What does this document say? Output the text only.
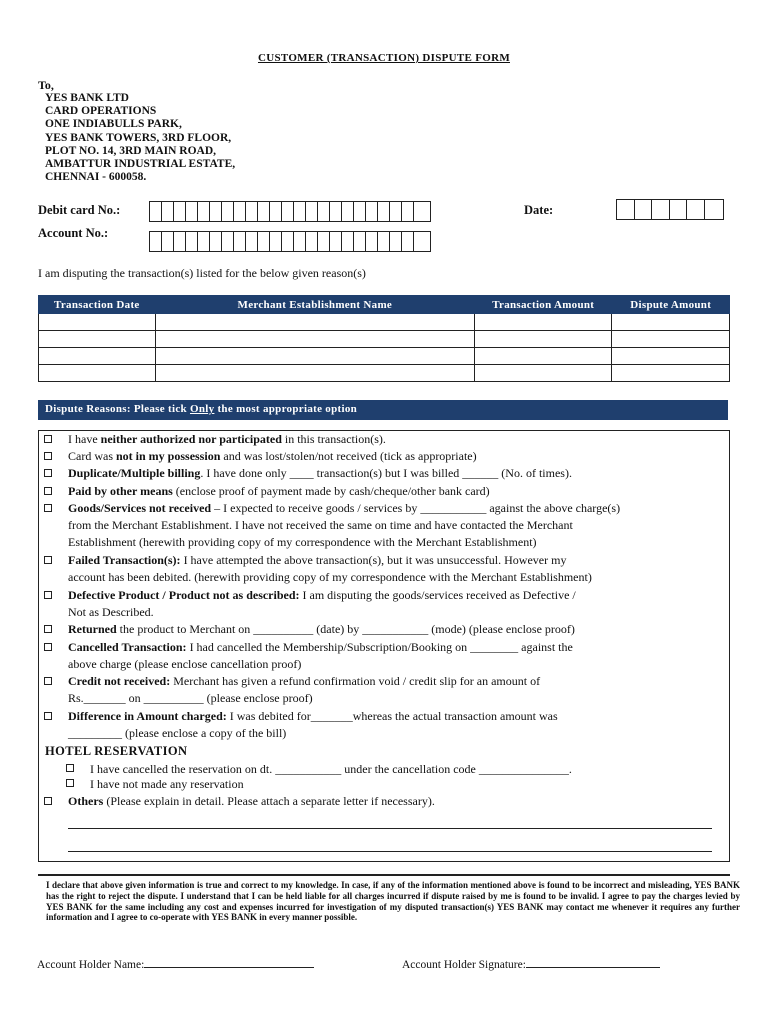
CUSTOMER (TRANSACTION) DISPUTE FORM
To,
YES BANK LTD
CARD OPERATIONS
ONE INDIABULLS PARK,
YES BANK TOWERS, 3RD FLOOR,
PLOT NO. 14, 3RD MAIN ROAD,
AMBATTUR INDUSTRIAL ESTATE,
CHENNAI - 600058.
Debit card No.:	Date:
Account No.:
I am disputing the transaction(s) listed for the below given reason(s)
Transaction Date	Merchant Establishment Name	Transaction Amount	Dispute Amount

Dispute Reasons: Please tick Only the most appropriate option
I have neither authorized nor participated in this transaction(s).
Card was not in my possession and was lost/stolen/not received (tick as appropriate)
Duplicate/Multiple billing. I have done only ____ transaction(s) but I was billed ______ (No. of times).
Paid by other means (enclose proof of payment made by cash/cheque/other bank card)
Goods/Services not received – I expected to receive goods / services by ___________ against the above charge(s)
from the Merchant Establishment. I have not received the same on time and have contacted the Merchant
Establishment (herewith providing copy of my correspondence with the Merchant Establishment)
Failed Transaction(s): I have attempted the above transaction(s), but it was unsuccessful. However my
account has been debited. (herewith providing copy of my correspondence with the Merchant Establishment)
Defective Product / Product not as described: I am disputing the goods/services received as Defective /
Not as Described.
Returned the product to Merchant on __________ (date) by ___________ (mode) (please enclose proof)
Cancelled Transaction: I had cancelled the Membership/Subscription/Booking on ________ against the
above charge (please enclose cancellation proof)
Credit not received: Merchant has given a refund confirmation void / credit slip for an amount of
Rs._______ on __________ (please enclose proof)
Difference in Amount charged: I was debited for_______whereas the actual transaction amount was
_________ (please enclose a copy of the bill)
HOTEL RESERVATION
I have cancelled the reservation on dt. ___________ under the cancellation code _______________.
I have not made any reservation
Others (Please explain in detail. Please attach a separate letter if necessary).
I declare that above given information is true and correct to my knowledge. In case, if any of the information mentioned above is found to be incorrect and misleading, YES BANK has the right to reject the dispute. I understand that I can be held liable for all charges incurred if dispute raised by me is found to be invalid. I agree to pay the charges levied by YES BANK for the same including any cost and expenses incurred for investigation of my disputed transaction(s) YES BANK may contact me whenever it requires any further information and I agree to co-operate with YES BANK in every manner possible.
Account Holder Name:	Account Holder Signature:
